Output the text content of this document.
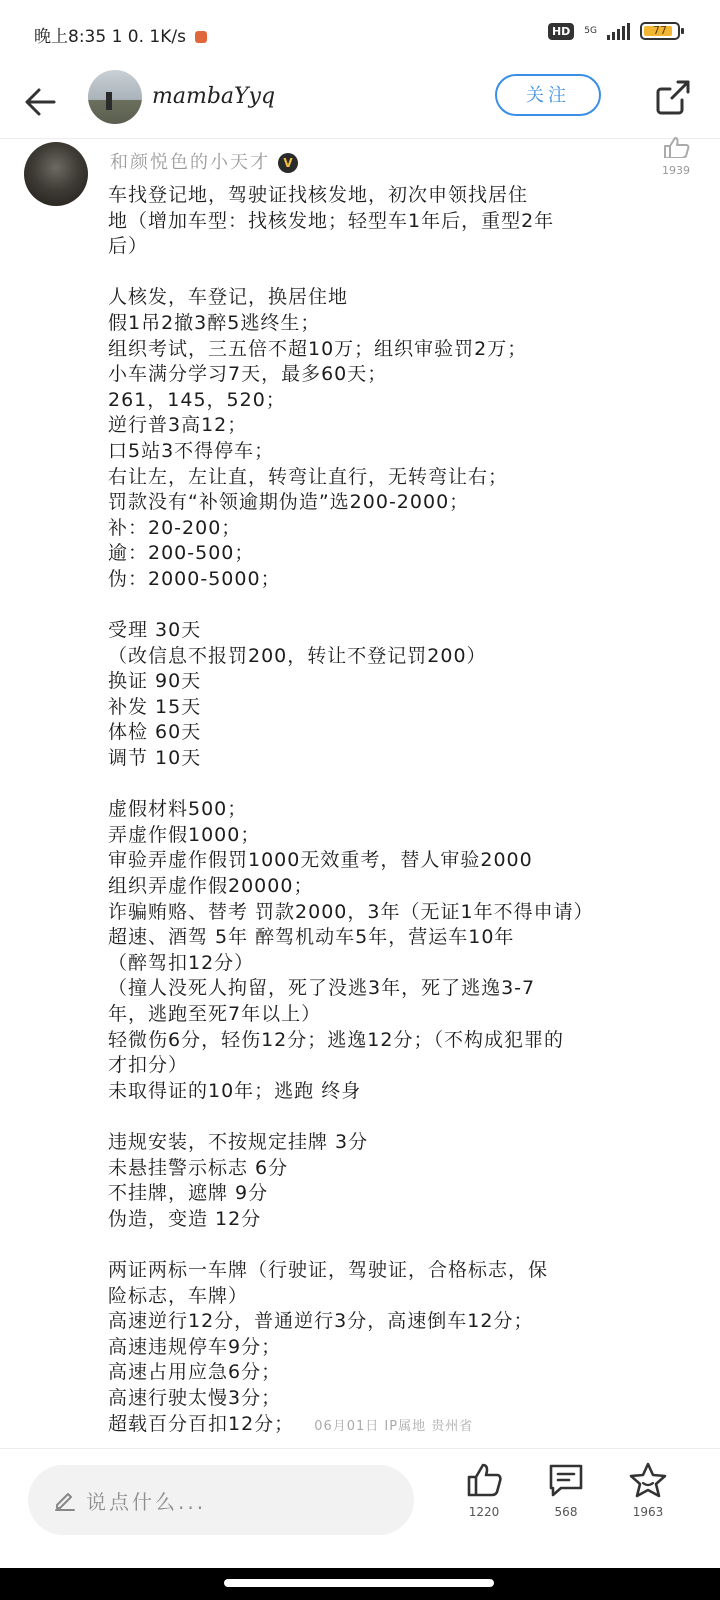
晚上8:35 1 0. 1K/s	HD	5G	77
mambaYyq	关注
和颜悦色的小天才 V
1939
车找登记地，驾驶证找核发地，初次申领找居住
地（增加车型：找核发地；轻型车1年后，重型2年
后）
人核发，车登记，换居住地
假1吊2撤3醉5逃终生；
组织考试，三五倍不超10万；组织审验罚2万；
小车满分学习7天，最多60天；
261，145，520；
逆行普3高12；
口5站3不得停车；
右让左，左让直，转弯让直行，无转弯让右；
罚款没有“补领逾期伪造”选200-2000；
补：20-200；
逾：200-500；
伪：2000-5000；
受理 30天
（改信息不报罚200，转让不登记罚200）
换证 90天
补发 15天
体检 60天
调节 10天
虚假材料500；
弄虚作假1000；
审验弄虚作假罚1000无效重考，替人审验2000
组织弄虚作假20000；
诈骗贿赂、替考 罚款2000，3年（无证1年不得申请）
超速、酒驾 5年 醉驾机动车5年，营运车10年
（醉驾扣12分）
（撞人没死人拘留，死了没逃3年，死了逃逸3-7
年，逃跑至死7年以上）
轻微伤6分，轻伤12分；逃逸12分；（不构成犯罪的
才扣分）
未取得证的10年；逃跑 终身
违规安装，不按规定挂牌 3分
未悬挂警示标志 6分
不挂牌，遮牌 9分
伪造，变造 12分
两证两标一车牌（行驶证，驾驶证，合格标志，保
险标志，车牌）
高速逆行12分，普通逆行3分，高速倒车12分；
高速违规停车9分；
高速占用应急6分；
高速行驶太慢3分；
超载百分百扣12分； 06月01日 IP属地 贵州省
说点什么...	1220	568	1963
